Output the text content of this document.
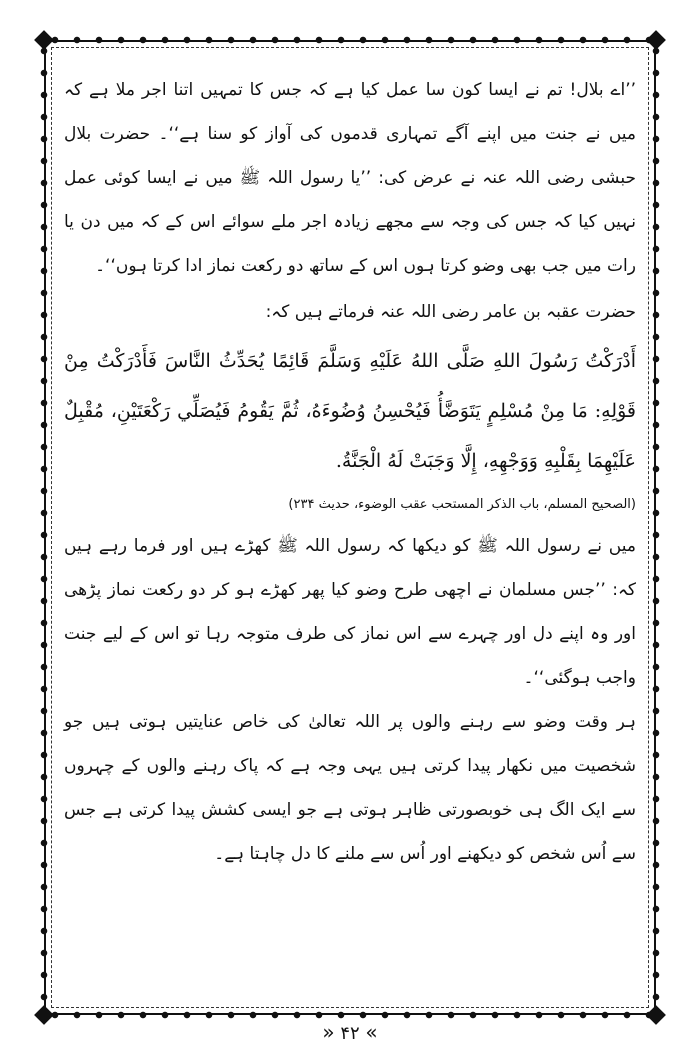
’’اے بلال! تم نے ایسا کون سا عمل کیا ہے کہ جس کا تمہیں اتنا اجر ملا ہے کہ میں نے جنت میں اپنے آگے تمہاری قدموں کی آواز کو سنا ہے‘‘۔ حضرت بلال حبشی رضی اللہ عنہ نے عرض کی: ’’یا رسول اللہ ﷺ میں نے ایسا کوئی عمل نہیں کیا کہ جس کی وجہ سے مجھے زیادہ اجر ملے سوائے اس کے کہ میں دن یا رات میں جب بھی وضو کرتا ہوں اس کے ساتھ دو رکعت نماز ادا کرتا ہوں‘‘۔

حضرت عقبہ بن عامر رضی اللہ عنہ فرماتے ہیں کہ:

أَدْرَكْتُ رَسُولَ اللهِ صَلَّى اللهُ عَلَيْهِ وَسَلَّمَ قَائِمًا يُحَدِّثُ النَّاسَ فَأَدْرَكْتُ مِنْ قَوْلِهِ: مَا مِنْ مُسْلِمٍ يَتَوَضَّأُ فَيُحْسِنُ وُضُوءَهُ، ثُمَّ يَقُومُ فَيُصَلِّي رَكْعَتَيْنِ، مُقْبِلٌ عَلَيْهِمَا بِقَلْبِهِ وَوَجْهِهِ، إِلَّا وَجَبَتْ لَهُ الْجَنَّةُ.

(الصحیح المسلم، باب الذکر المستحب عقب الوضوء، حدیث ۲۳۴)

میں نے رسول اللہ ﷺ کو دیکھا کہ رسول اللہ ﷺ کھڑے ہیں اور فرما رہے ہیں کہ: ’’جس مسلمان نے اچھی طرح وضو کیا پھر کھڑے ہو کر دو رکعت نماز پڑھی اور وہ اپنے دل اور چہرے سے اس نماز کی طرف متوجہ رہا تو اس کے لیے جنت واجب ہوگئی‘‘۔

ہر وقت وضو سے رہنے والوں پر اللہ تعالیٰ کی خاص عنایتیں ہوتی ہیں جو شخصیت میں نکھار پیدا کرتی ہیں یہی وجہ ہے کہ پاک رہنے والوں کے چہروں سے ایک الگ ہی خوبصورتی ظاہر ہوتی ہے جو ایسی کشش پیدا کرتی ہے جس سے اُس شخص کو دیکھنے اور اُس سے ملنے کا دل چاہتا ہے۔

» ۴۲ «
